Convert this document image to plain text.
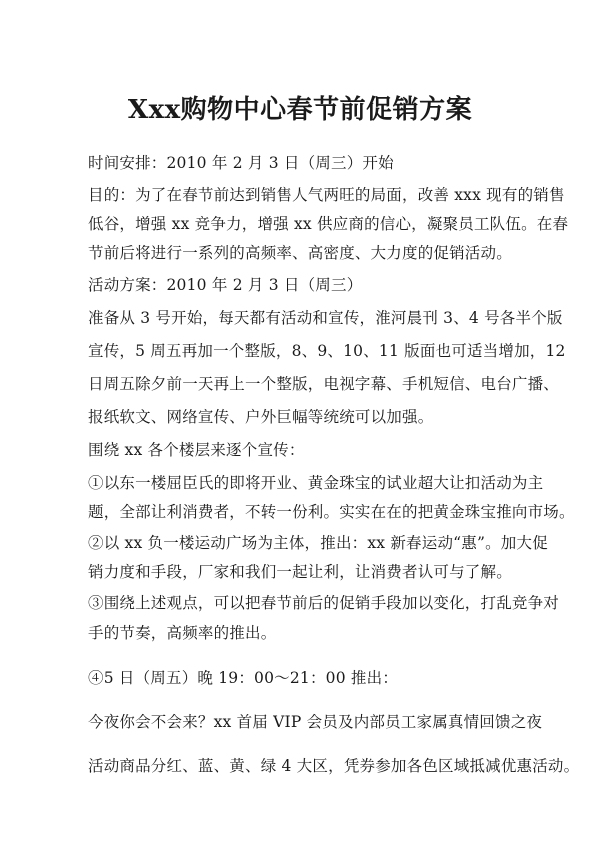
Xxx购物中心春节前促销方案
时间安排：2010 年 2 月 3 日（周三）开始
目的：为了在春节前达到销售人气两旺的局面，改善 xxx 现有的销售
低谷，增强 xx 竞争力，增强 xx 供应商的信心，凝聚员工队伍。在春
节前后将进行一系列的高频率、高密度、大力度的促销活动。
活动方案：2010 年 2 月 3 日（周三）
准备从 3 号开始，每天都有活动和宣传，淮河晨刊 3、4 号各半个版
宣传，5 周五再加一个整版，8、9、10、11 版面也可适当增加，12
日周五除夕前一天再上一个整版，电视字幕、手机短信、电台广播、
报纸软文、网络宣传、户外巨幅等统统可以加强。
围绕 xx 各个楼层来逐个宣传：
①以东一楼屈臣氏的即将开业、黄金珠宝的试业超大让扣活动为主
题，全部让利消费者，不转一份利。实实在在的把黄金珠宝推向市场。
②以 xx 负一楼运动广场为主体，推出：xx 新春运动“惠”。加大促
销力度和手段，厂家和我们一起让利，让消费者认可与了解。
③围绕上述观点，可以把春节前后的促销手段加以变化，打乱竞争对
手的节奏，高频率的推出。
④5 日（周五）晚 19：00～21：00 推出：
今夜你会不会来？xx 首届 VIP 会员及内部员工家属真情回馈之夜
活动商品分红、蓝、黄、绿 4 大区，凭券参加各色区域抵减优惠活动。
